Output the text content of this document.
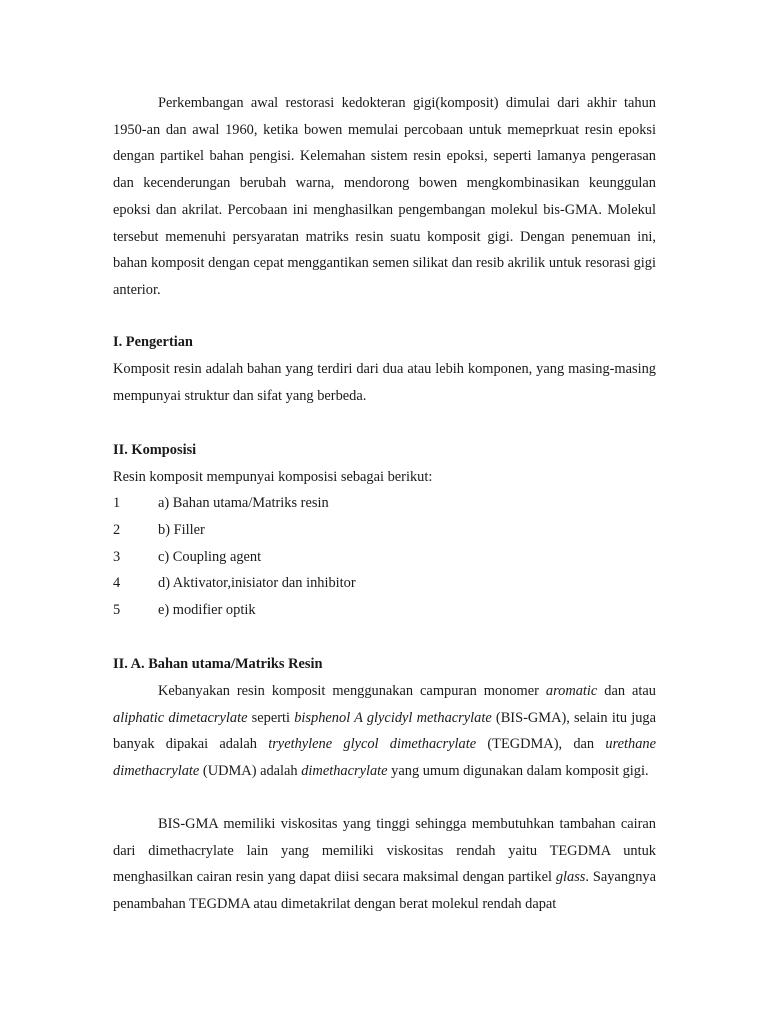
Perkembangan awal restorasi kedokteran gigi(komposit) dimulai dari akhir tahun 1950-an dan awal 1960, ketika bowen memulai percobaan untuk memeprkuat resin epoksi dengan partikel bahan pengisi. Kelemahan sistem resin epoksi, seperti lamanya pengerasan dan kecenderungan berubah warna, mendorong bowen mengkombinasikan keunggulan epoksi dan akrilat. Percobaan ini menghasilkan pengembangan molekul bis-GMA. Molekul tersebut memenuhi persyaratan matriks resin suatu komposit gigi. Dengan penemuan ini, bahan komposit dengan cepat menggantikan semen silikat dan resib akrilik untuk resorasi gigi anterior.

I. Pengertian

Komposit resin adalah bahan yang terdiri dari dua atau lebih komponen, yang masing-masing mempunyai struktur dan sifat yang berbeda.

II. Komposisi

Resin komposit mempunyai komposisi sebagai berikut:

1	a) Bahan utama/Matriks resin
2	b) Filler
3	c) Coupling agent
4	d) Aktivator,inisiator dan inhibitor
5	e) modifier optik

II. A. Bahan utama/Matriks Resin

Kebanyakan resin komposit menggunakan campuran monomer aromatic dan atau aliphatic dimetacrylate seperti bisphenol A glycidyl methacrylate (BIS-GMA), selain itu juga banyak dipakai adalah tryethylene glycol dimethacrylate (TEGDMA), dan urethane dimethacrylate (UDMA) adalah dimethacrylate yang umum digunakan dalam komposit gigi.

BIS-GMA memiliki viskositas yang tinggi sehingga membutuhkan tambahan cairan dari dimethacrylate lain yang memiliki viskositas rendah yaitu TEGDMA untuk menghasilkan cairan resin yang dapat diisi secara maksimal dengan partikel glass. Sayangnya penambahan TEGDMA atau dimetakrilat dengan berat molekul rendah dapat
